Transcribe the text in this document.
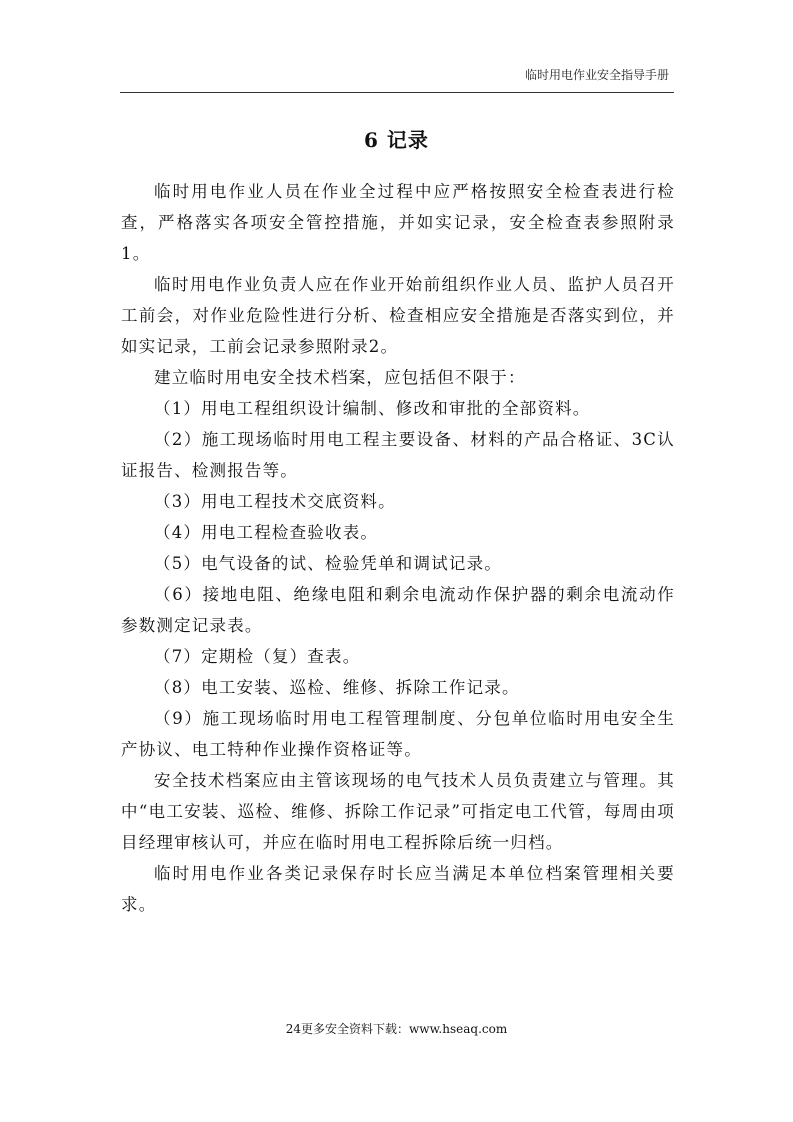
临时用电作业安全指导手册
6 记录

临时用电作业人员在作业全过程中应严格按照安全检查表进行检查，严格落实各项安全管控措施，并如实记录，安全检查表参照附录1。

临时用电作业负责人应在作业开始前组织作业人员、监护人员召开工前会，对作业危险性进行分析、检查相应安全措施是否落实到位，并如实记录，工前会记录参照附录2。

建立临时用电安全技术档案，应包括但不限于：

（1）用电工程组织设计编制、修改和审批的全部资料。

（2）施工现场临时用电工程主要设备、材料的产品合格证、3C认证报告、检测报告等。

（3）用电工程技术交底资料。

（4）用电工程检查验收表。

（5）电气设备的试、检验凭单和调试记录。

（6）接地电阻、绝缘电阻和剩余电流动作保护器的剩余电流动作参数测定记录表。

（7）定期检（复）查表。

（8）电工安装、巡检、维修、拆除工作记录。

（9）施工现场临时用电工程管理制度、分包单位临时用电安全生产协议、电工特种作业操作资格证等。

安全技术档案应由主管该现场的电气技术人员负责建立与管理。其中“电工安装、巡检、维修、拆除工作记录”可指定电工代管，每周由项目经理审核认可，并应在临时用电工程拆除后统一归档。

临时用电作业各类记录保存时长应当满足本单位档案管理相关要求。

24更多安全资料下载：www.hseaq.com
